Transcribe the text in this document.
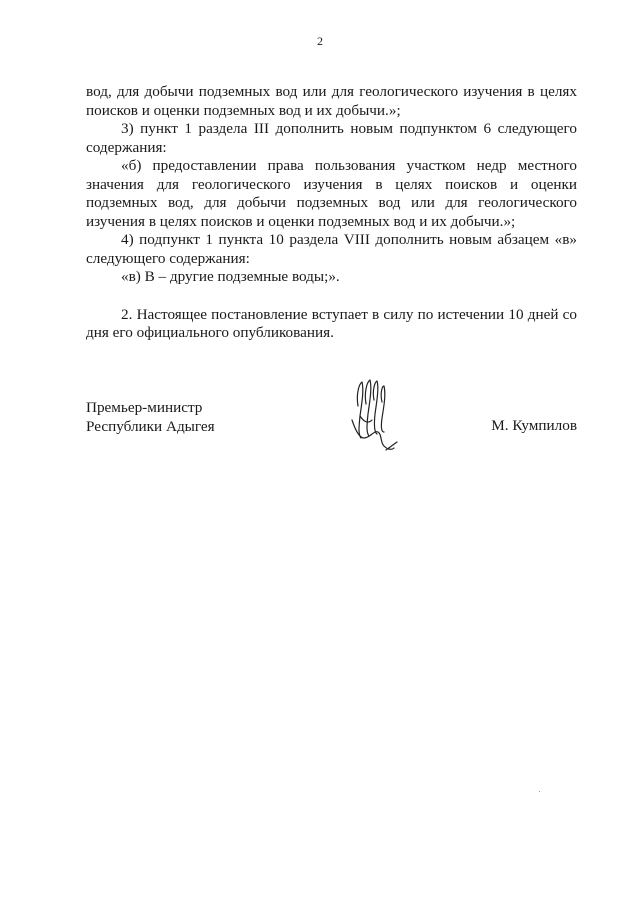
2

вод, для добычи подземных вод или для геологического изучения в целях поисков и оценки подземных вод и их добычи.»;

3) пункт 1 раздела III дополнить новым подпунктом 6 следующего содержания:

«б) предоставлении права пользования участком недр местного значения для геологического изучения в целях поисков и оценки подземных вод, для добычи подземных вод или для геологического изучения в целях поисков и оценки подземных вод и их добычи.»;

4) подпункт 1 пункта 10 раздела VIII дополнить новым абзацем «в» следующего содержания:

«в) В – другие подземные воды;».

2. Настоящее постановление вступает в силу по истечении 10 дней со дня его официального опубликования.

Премьер-министр
Республики Адыгея	М. Кумпилов
